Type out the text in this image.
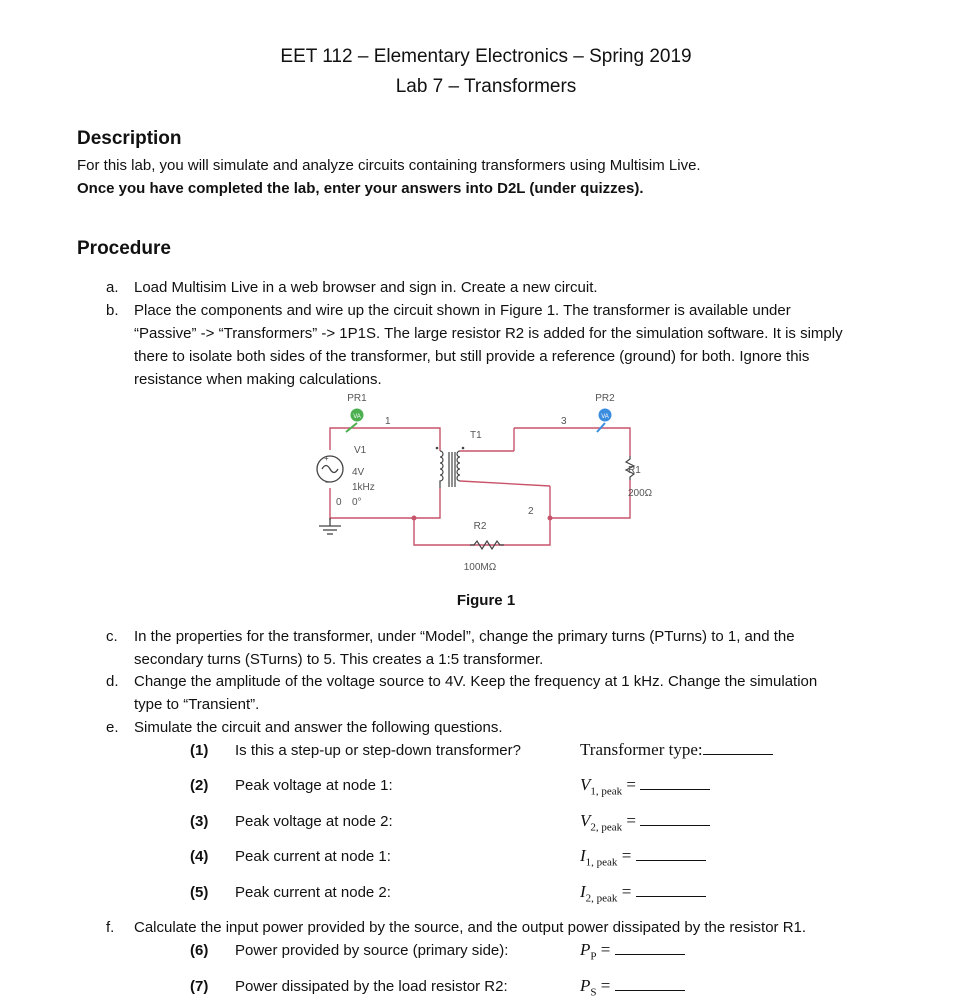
EET 112 – Elementary Electronics – Spring 2019
Lab 7 – Transformers
Description
For this lab, you will simulate and analyze circuits containing transformers using Multisim Live.
Once you have completed the lab, enter your answers into D2L (under quizzes).
Procedure
a. Load Multisim Live in a web browser and sign in. Create a new circuit.
b. Place the components and wire up the circuit shown in Figure 1. The transformer is available under
“Passive” -> “Transformers” -> 1P1S. The large resistor R2 is added for the simulation software. It is simply
there to isolate both sides of the transformer, but still provide a reference (ground) for both. Ignore this
resistance when making calculations.
VA
PR1
VA
PR2
1
2
3
+
−
V1
4V
1kHz
0°
0
T1
R2
100MΩ
R1
200Ω
Figure 1
c. In the properties for the transformer, under “Model”, change the primary turns (PTurns) to 1, and the
secondary turns (STurns) to 5. This creates a 1:5 transformer.
d. Change the amplitude of the voltage source to 4V. Keep the frequency at 1 kHz. Change the simulation
type to “Transient”.
e. Simulate the circuit and answer the following questions.
(1) Is this a step-up or step-down transformer?	Transformer type:
(2) Peak voltage at node 1:	$V_{1, peak}$ =
(3) Peak voltage at node 2:	$V_{2, peak}$ =
(4) Peak current at node 1:	$I_{1, peak}$ =
(5) Peak current at node 2:	$I_{2, peak}$ =
f. Calculate the input power provided by the source, and the output power dissipated by the resistor R1.
(6) Power provided by source (primary side):	$P_P$ =
(7) Power dissipated by the load resistor R2:	$P_S$ =
